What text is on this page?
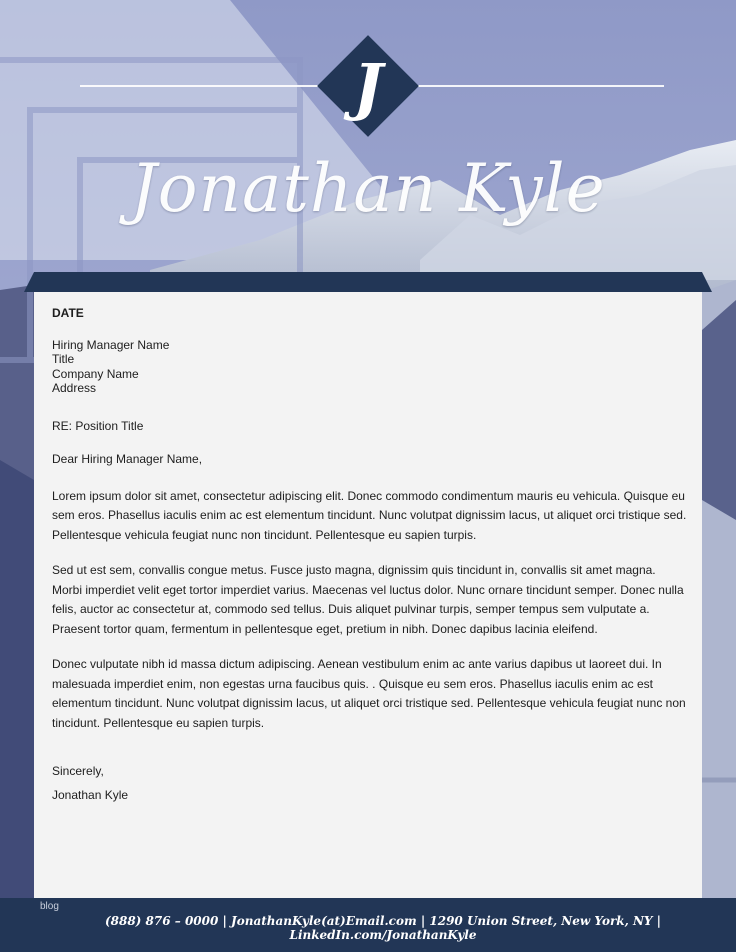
J
Jonathan Kyle
DATE
Hiring Manager Name
Title
Company Name
Address
RE: Position Title
Dear Hiring Manager Name,

Lorem ipsum dolor sit amet, consectetur adipiscing elit. Donec commodo condimentum mauris eu vehicula. Quisque eu sem eros. Phasellus iaculis enim ac est elementum tincidunt. Nunc volutpat dignissim lacus, ut aliquet orci tristique sed. Pellentesque vehicula feugiat nunc non tincidunt. Pellentesque eu sapien turpis.

Sed ut est sem, convallis congue metus. Fusce justo magna, dignissim quis tincidunt in, convallis sit amet magna. Morbi imperdiet velit eget tortor imperdiet varius. Maecenas vel luctus dolor. Nunc ornare tincidunt semper. Donec nulla felis, auctor ac consectetur at, commodo sed tellus. Duis aliquet pulvinar turpis, semper tempus sem vulputate a. Praesent tortor quam, fermentum in pellentesque eget, pretium in nibh. Donec dapibus lacinia eleifend.

Donec vulputate nibh id massa dictum adipiscing. Aenean vestibulum enim ac ante varius dapibus ut laoreet dui. In malesuada imperdiet enim, non egestas urna faucibus quis. . Quisque eu sem eros. Phasellus iaculis enim ac est elementum tincidunt. Nunc volutpat dignissim lacus, ut aliquet orci tristique sed. Pellentesque vehicula feugiat nunc non tincidunt. Pellentesque eu sapien turpis.

Sincerely,
Jonathan Kyle
blog
(888) 876 – 0000 | JonathanKyle(at)Email.com | 1290 Union Street, New York, NY | LinkedIn.com/JonathanKyle
